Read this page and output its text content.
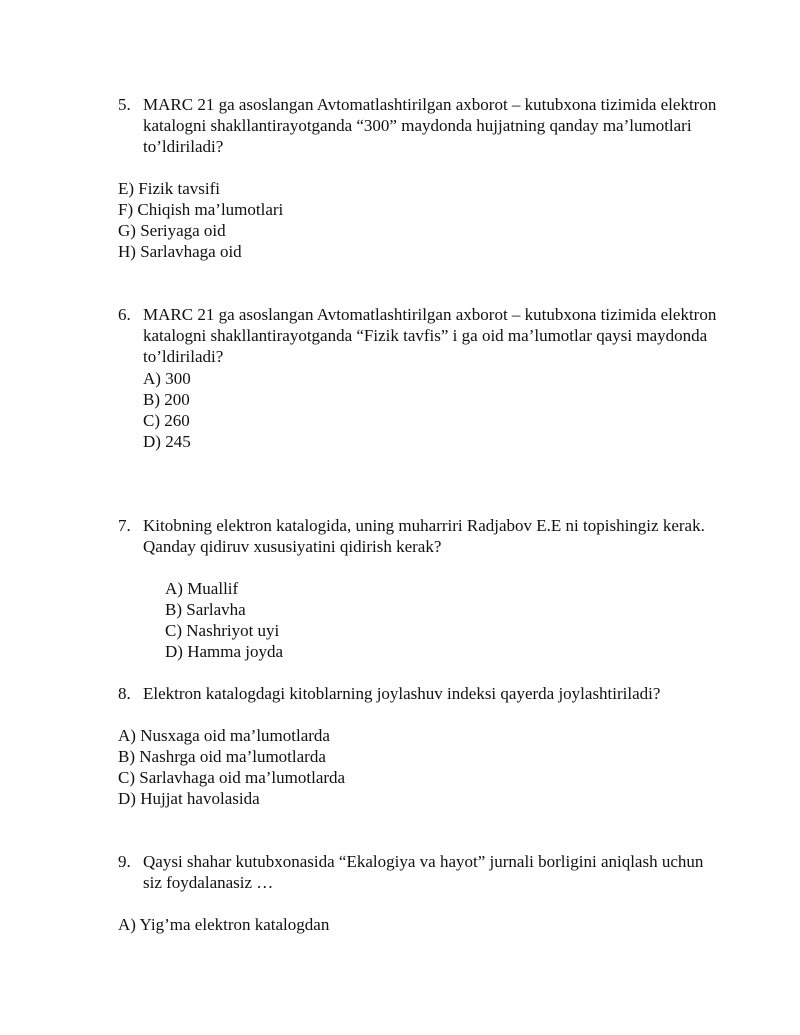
5. MARC 21 ga asoslangan Avtomatlashtirilgan axborot – kutubxona tizimida elektron katalogni shakllantirayotganda “300” maydonda hujjatning qanday ma’lumotlari to’ldiriladi?
E) Fizik tavsifi
F) Chiqish ma’lumotlari
G) Seriyaga oid
H) Sarlavhaga oid
6. MARC 21 ga asoslangan Avtomatlashtirilgan axborot – kutubxona tizimida elektron katalogni shakllantirayotganda “Fizik tavfis” i ga oid ma’lumotlar qaysi maydonda to’ldiriladi?
A) 300
B) 200
C) 260
D) 245
7. Kitobning elektron katalogida, uning muharriri Radjabov E.E ni topishingiz kerak. Qanday qidiruv xususiyatini qidirish kerak?
A) Muallif
B) Sarlavha
C) Nashriyot uyi
D) Hamma joyda
8. Elektron katalogdagi kitoblarning joylashuv indeksi qayerda joylashtiriladi?
A) Nusxaga oid ma’lumotlarda
B) Nashrga oid ma’lumotlarda
C) Sarlavhaga oid ma’lumotlarda
D) Hujjat havolasida
9. Qaysi shahar kutubxonasida “Ekalogiya va hayot” jurnali borligini aniqlash uchun siz foydalanasiz …
A) Yig’ma elektron katalogdan
